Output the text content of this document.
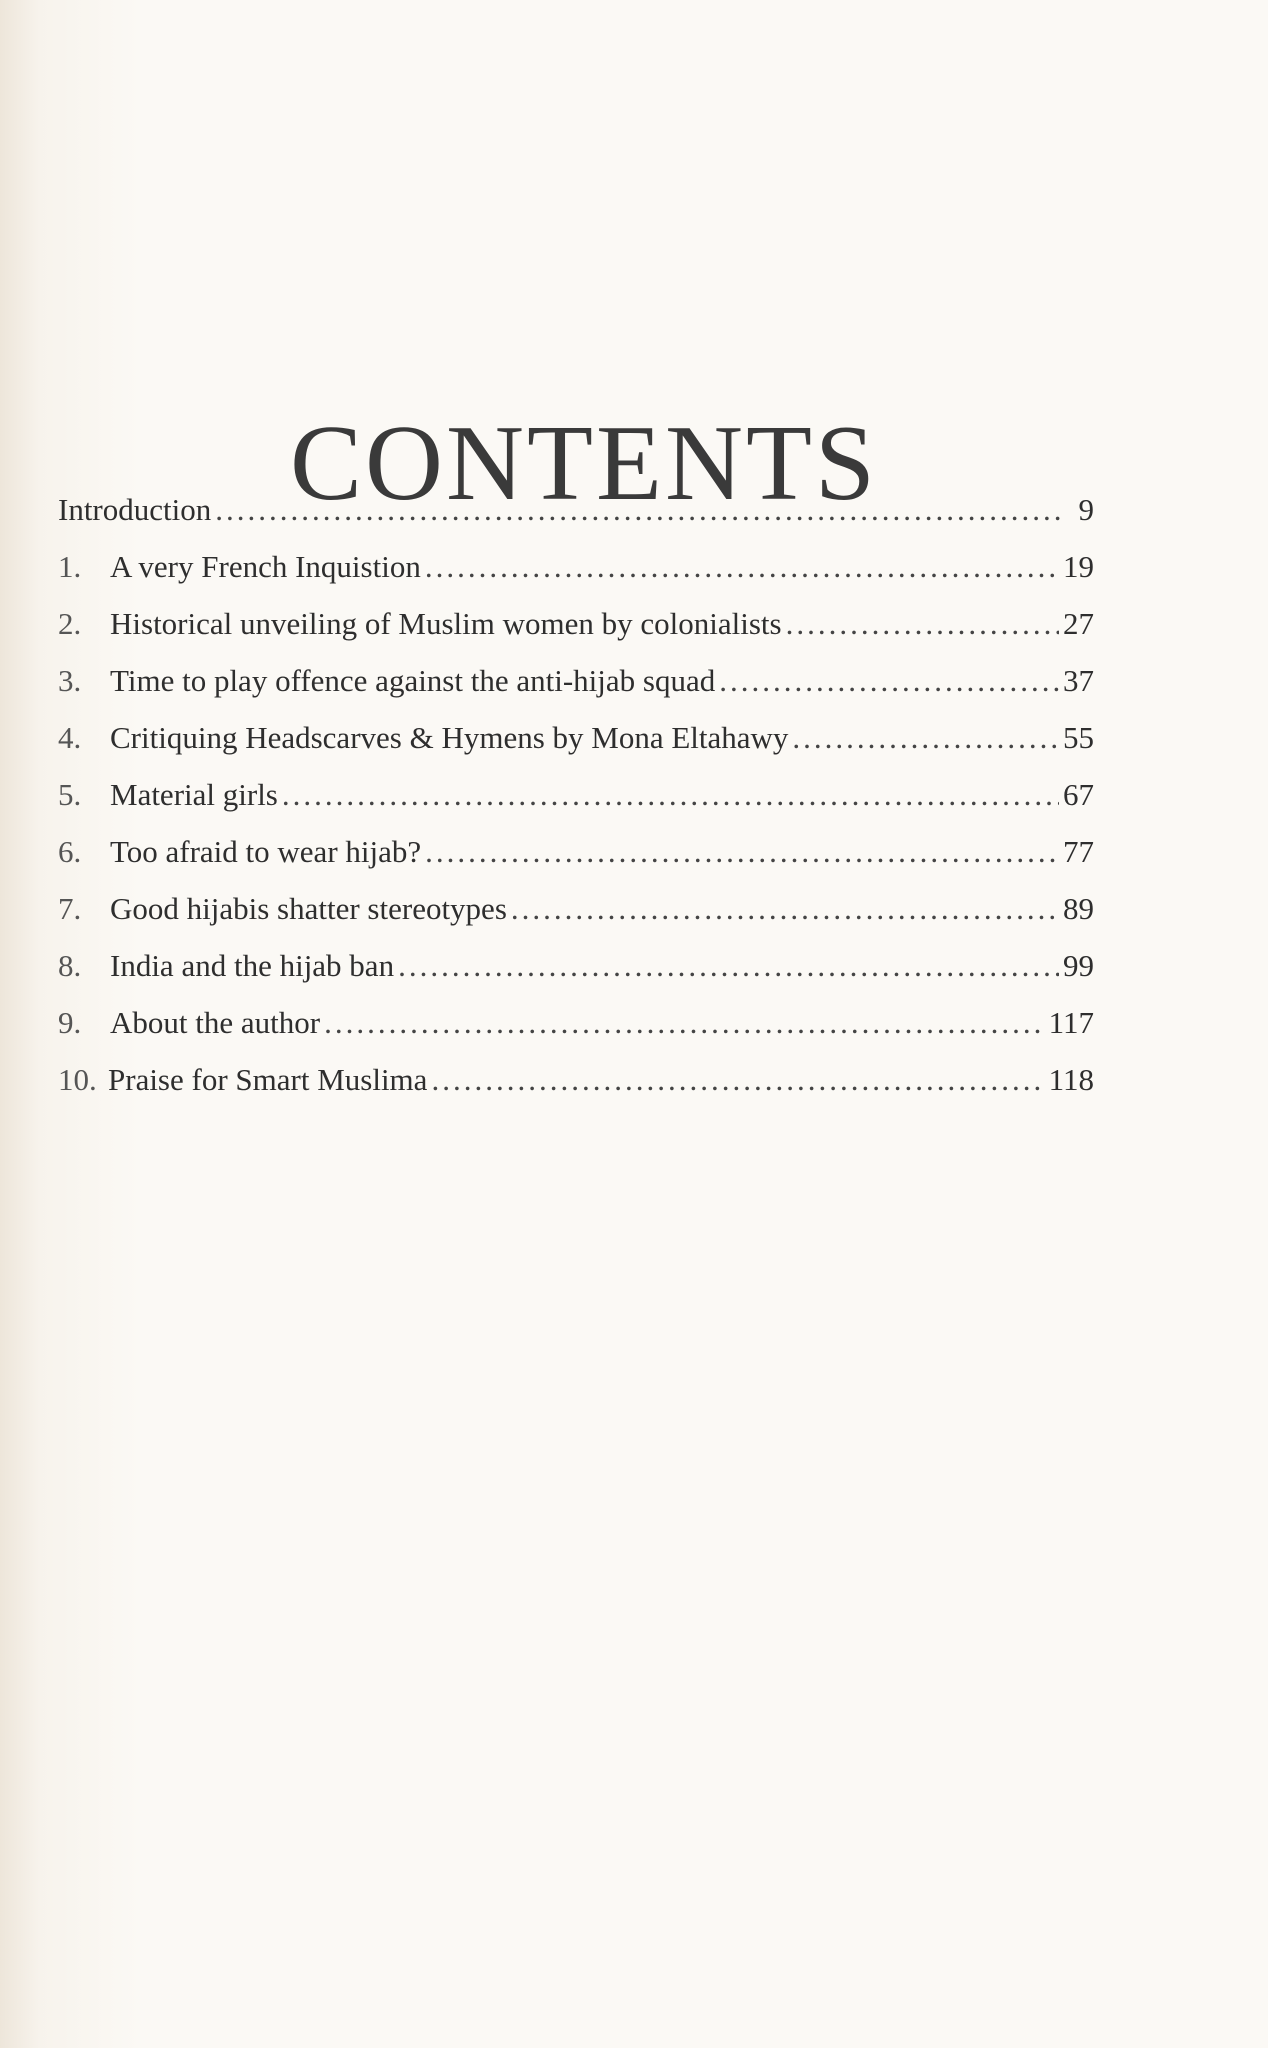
CONTENTS
Introduction .....	9
1. A very French Inquistion .....	19
2. Historical unveiling of Muslim women by colonialists .....	27
3. Time to play offence against the anti-hijab squad .....	37
4. Critiquing Headscarves & Hymens by Mona Eltahawy .....	55
5. Material girls .....	67
6. Too afraid to wear hijab? .....	77
7. Good hijabis shatter stereotypes .....	89
8. India and the hijab ban .....	99
9. About the author .....	117
10. Praise for Smart Muslima .....	118
